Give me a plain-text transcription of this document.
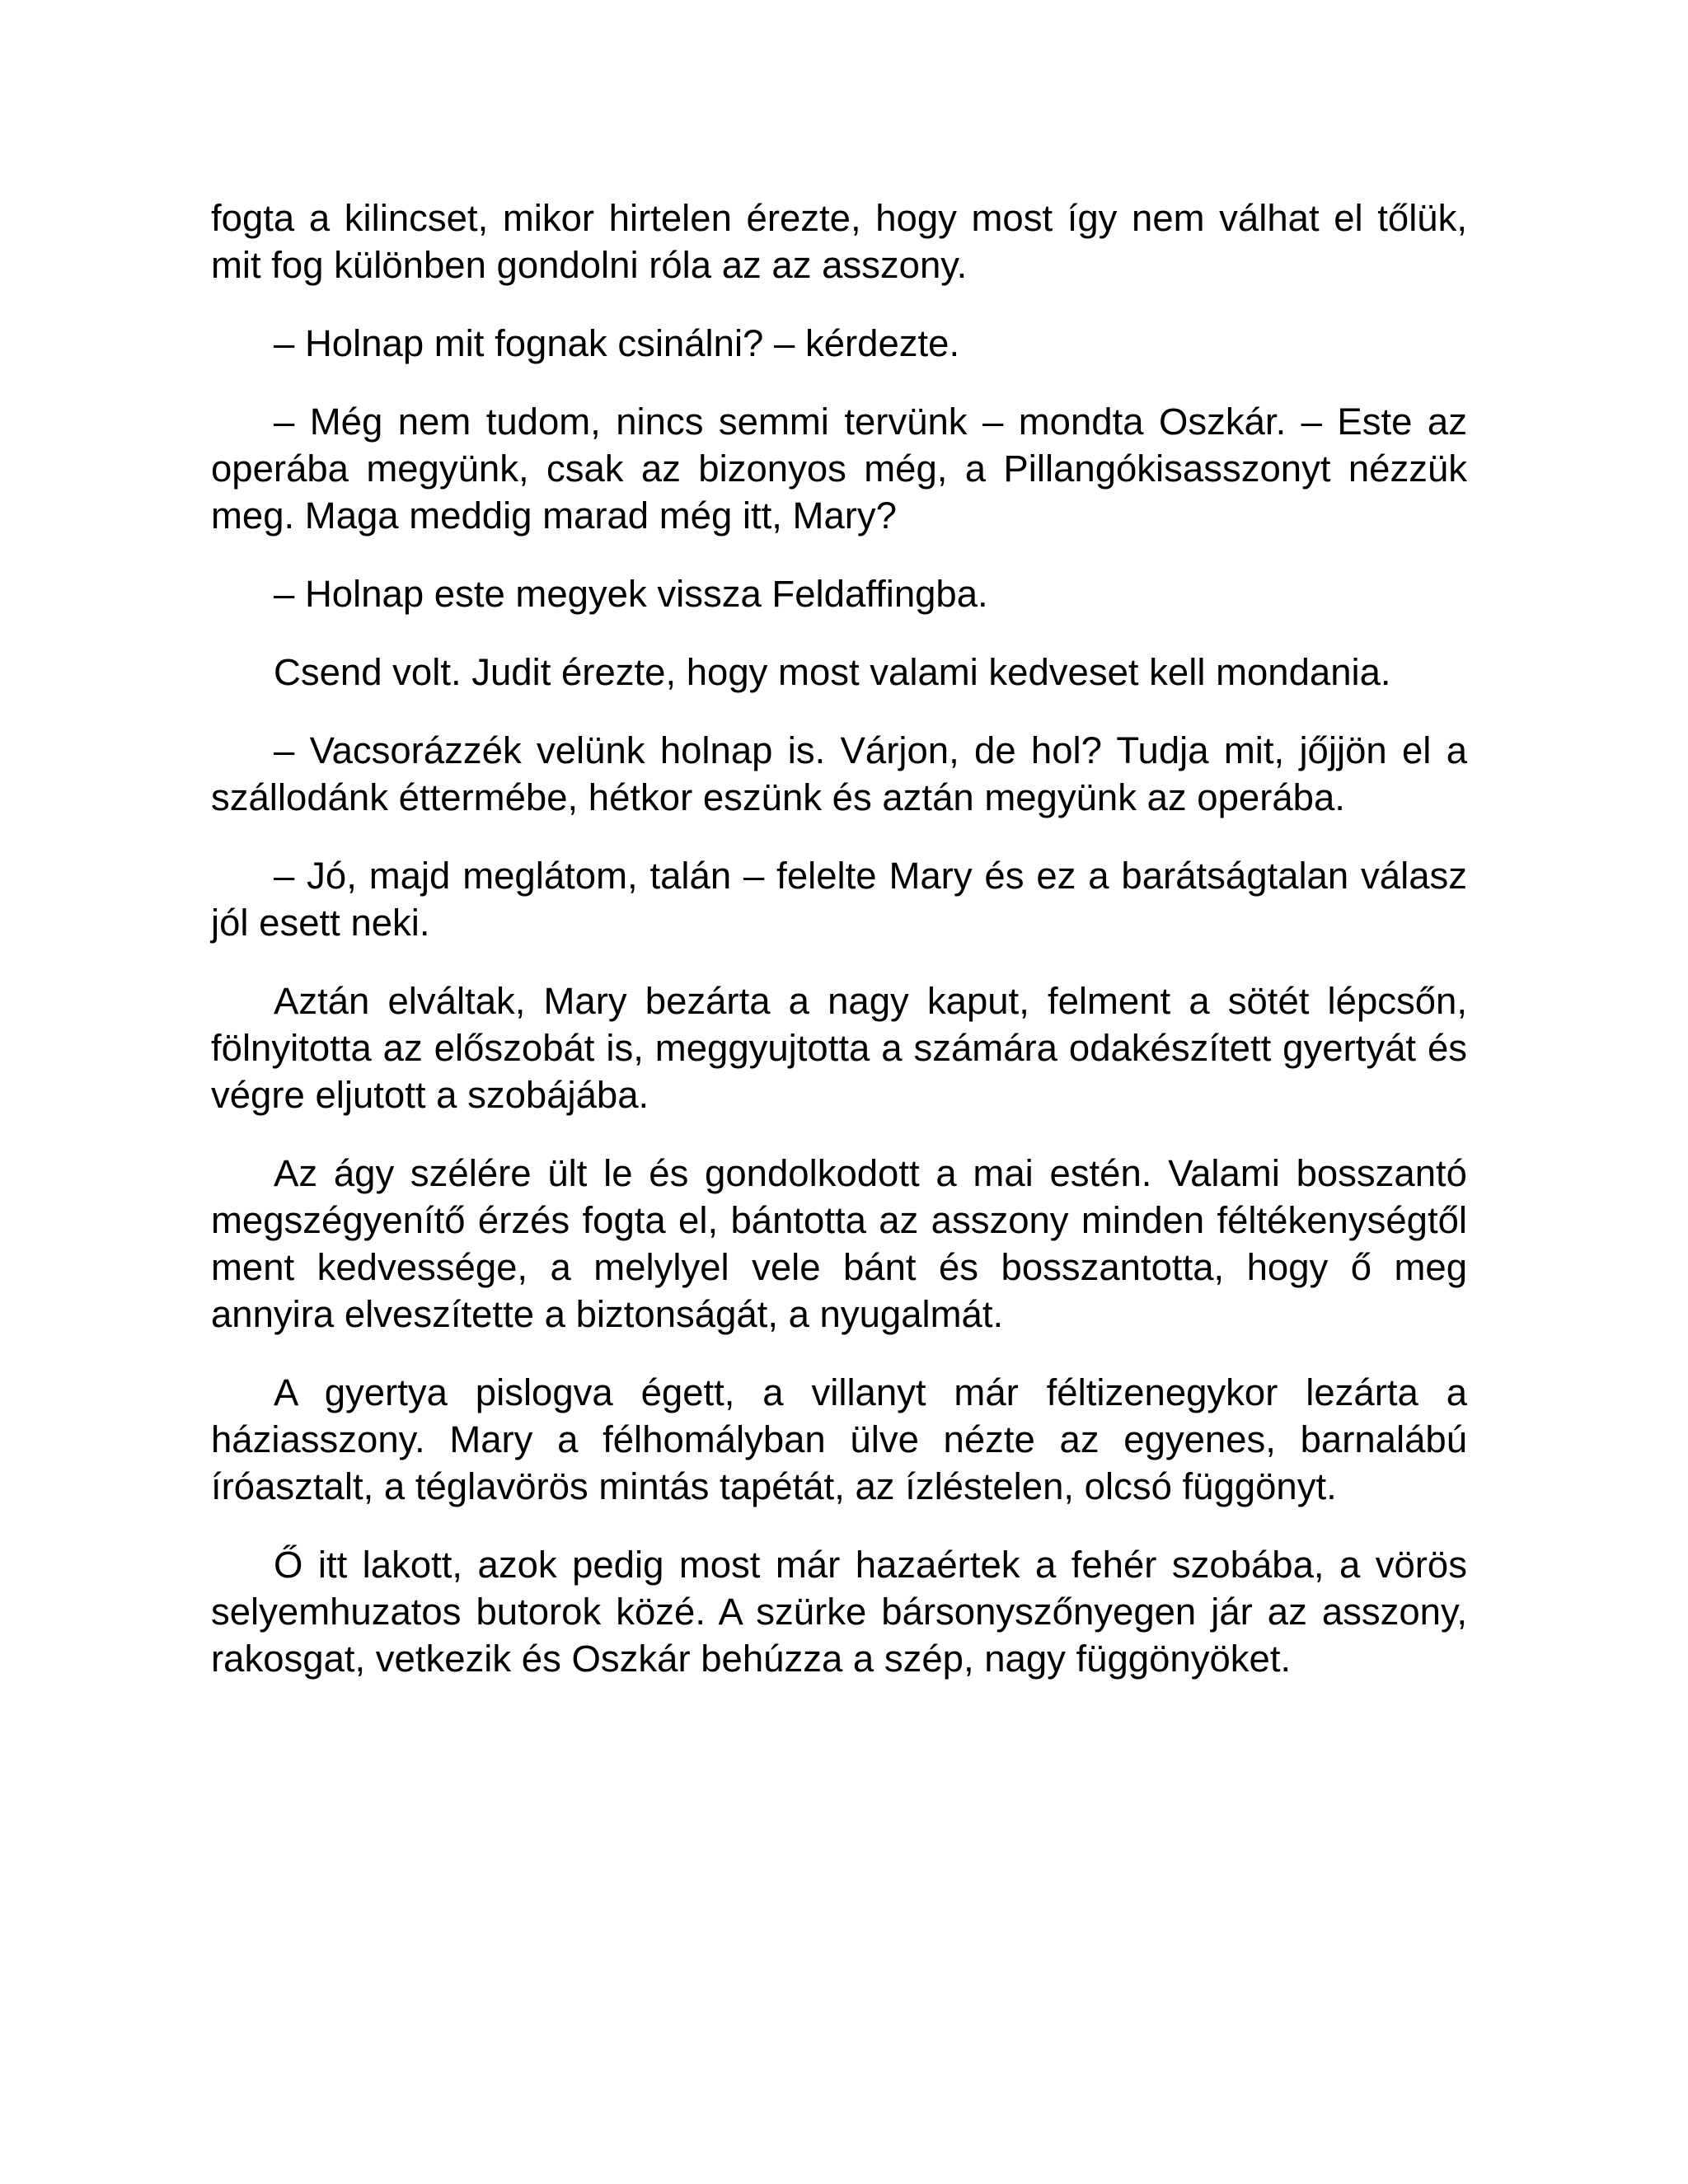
fogta a kilincset, mikor hirtelen érezte, hogy most így nem válhat el tőlük, mit fog különben gondolni róla az az asszony.

– Holnap mit fognak csinálni? – kérdezte.

– Még nem tudom, nincs semmi tervünk – mondta Oszkár. – Este az operába megyünk, csak az bizonyos még, a Pillangókisasszonyt nézzük meg. Maga meddig marad még itt, Mary?

– Holnap este megyek vissza Feldaffingba.

Csend volt. Judit érezte, hogy most valami kedveset kell mondania.

– Vacsorázzék velünk holnap is. Várjon, de hol? Tudja mit, jőjjön el a szállodánk éttermébe, hétkor eszünk és aztán megyünk az operába.

– Jó, majd meglátom, talán – felelte Mary és ez a barátságtalan válasz jól esett neki.

Aztán elváltak, Mary bezárta a nagy kaput, felment a sötét lépcsőn, fölnyitotta az előszobát is, meggyujtotta a számára odakészített gyertyát és végre eljutott a szobájába.

Az ágy szélére ült le és gondolkodott a mai estén. Valami bosszantó megszégyenítő érzés fogta el, bántotta az asszony minden féltékenységtől ment kedvessége, a melylyel vele bánt és bosszantotta, hogy ő meg annyira elveszítette a biztonságát, a nyugalmát.

A gyertya pislogva égett, a villanyt már féltizenegykor lezárta a háziasszony. Mary a félhomályban ülve nézte az egyenes, barnalábú íróasztalt, a téglavörös mintás tapétát, az ízléstelen, olcsó függönyt.

Ő itt lakott, azok pedig most már hazaértek a fehér szobába, a vörös selyemhuzatos butorok közé. A szürke bársonyszőnyegen jár az asszony, rakosgat, vetkezik és Oszkár behúzza a szép, nagy függönyöket.
